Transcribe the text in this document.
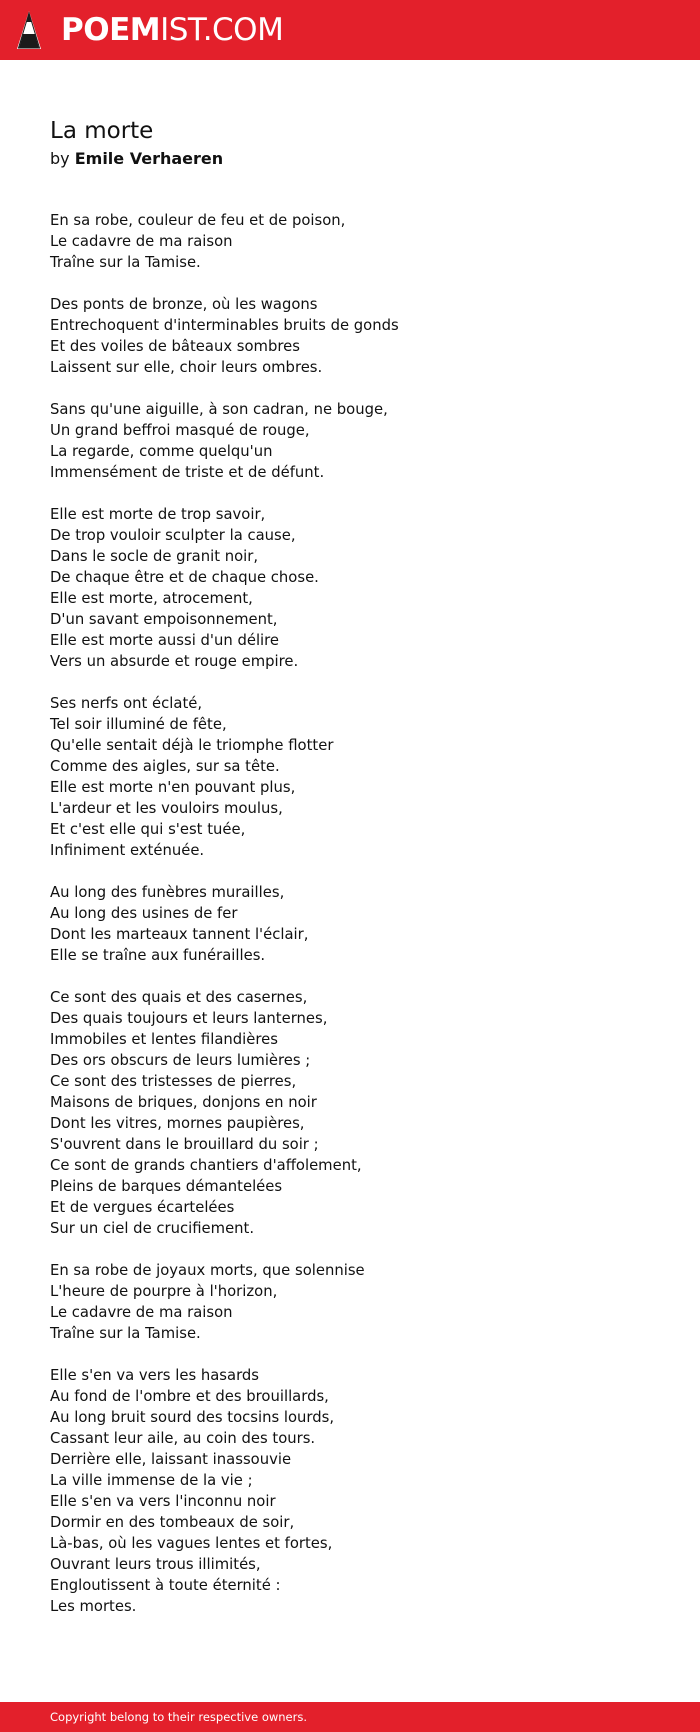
POEMIST.COM
La morte
by Emile Verhaeren
En sa robe, couleur de feu et de poison,
Le cadavre de ma raison
Traîne sur la Tamise.
Des ponts de bronze, où les wagons
Entrechoquent d'interminables bruits de gonds
Et des voiles de bâteaux sombres
Laissent sur elle, choir leurs ombres.
Sans qu'une aiguille, à son cadran, ne bouge,
Un grand beffroi masqué de rouge,
La regarde, comme quelqu'un
Immensément de triste et de défunt.
Elle est morte de trop savoir,
De trop vouloir sculpter la cause,
Dans le socle de granit noir,
De chaque être et de chaque chose.
Elle est morte, atrocement,
D'un savant empoisonnement,
Elle est morte aussi d'un délire
Vers un absurde et rouge empire.
Ses nerfs ont éclaté,
Tel soir illuminé de fête,
Qu'elle sentait déjà le triomphe flotter
Comme des aigles, sur sa tête.
Elle est morte n'en pouvant plus,
L'ardeur et les vouloirs moulus,
Et c'est elle qui s'est tuée,
Infiniment exténuée.
Au long des funèbres murailles,
Au long des usines de fer
Dont les marteaux tannent l'éclair,
Elle se traîne aux funérailles.
Ce sont des quais et des casernes,
Des quais toujours et leurs lanternes,
Immobiles et lentes filandières
Des ors obscurs de leurs lumières ;
Ce sont des tristesses de pierres,
Maisons de briques, donjons en noir
Dont les vitres, mornes paupières,
S'ouvrent dans le brouillard du soir ;
Ce sont de grands chantiers d'affolement,
Pleins de barques démantelées
Et de vergues écartelées
Sur un ciel de crucifiement.
En sa robe de joyaux morts, que solennise
L'heure de pourpre à l'horizon,
Le cadavre de ma raison
Traîne sur la Tamise.
Elle s'en va vers les hasards
Au fond de l'ombre et des brouillards,
Au long bruit sourd des tocsins lourds,
Cassant leur aile, au coin des tours.
Derrière elle, laissant inassouvie
La ville immense de la vie ;
Elle s'en va vers l'inconnu noir
Dormir en des tombeaux de soir,
Là-bas, où les vagues lentes et fortes,
Ouvrant leurs trous illimités,
Engloutissent à toute éternité :
Les mortes.
Copyright belong to their respective owners.
